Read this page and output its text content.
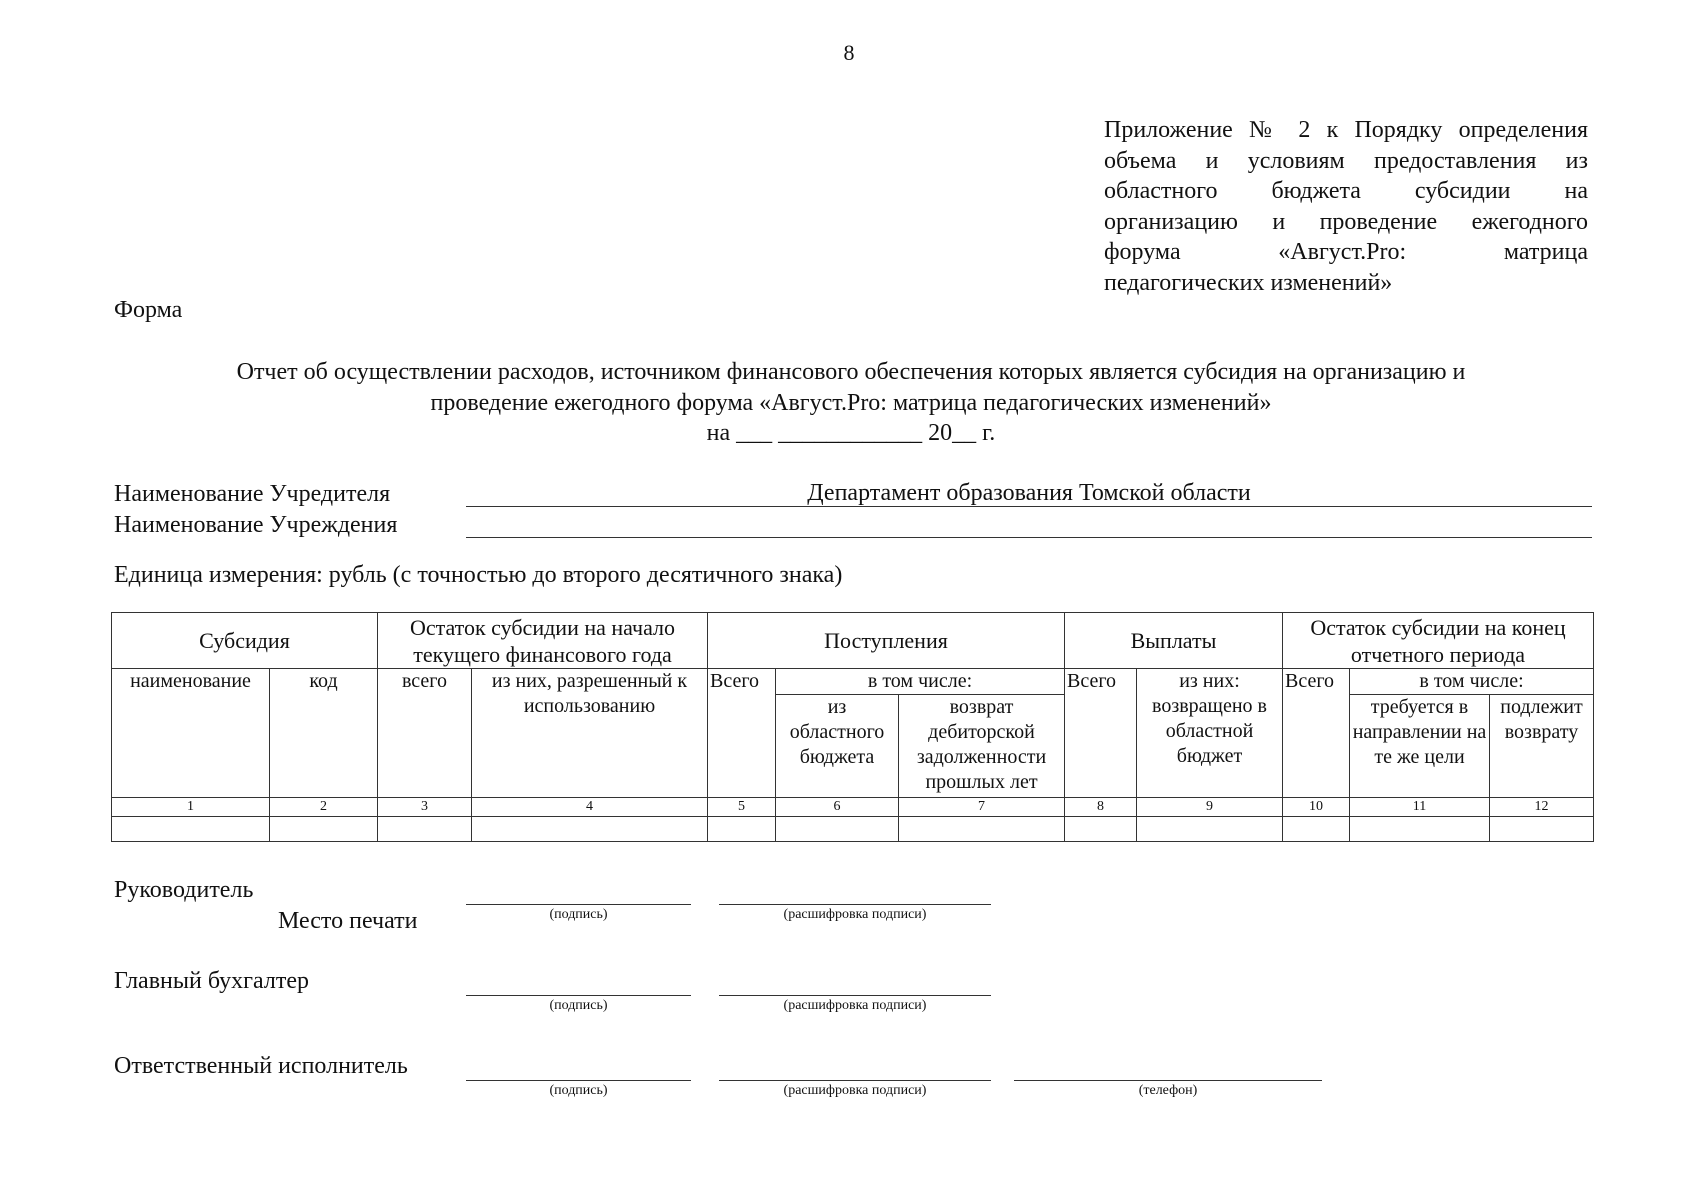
8
Приложение № 2 к Порядку определения
объема и условиям предоставления из
областного бюджета субсидии на
организацию и проведение ежегодного
форума «Август.Pro: матрица
педагогических изменений»
Форма
Отчет об осуществлении расходов, источником финансового обеспечения которых является субсидия на организацию и
проведение ежегодного форума «Август.Pro: матрица педагогических изменений»
на ___ ____________ 20__ г.
Наименование Учредителя	Департамент образования Томской области
Наименование Учреждения
Единица измерения: рубль (с точностью до второго десятичного знака)
Субсидия		Остаток субсидии на начало текущего финансового года		Поступления			Выплаты		Остаток субсидии на конец отчетного периода		
наименование	код	всего	из них, разрешенный к использованию	Всего	в том числе:		Всего	из них: возвращено в областной бюджет	Всего	в том числе:	
					из областного бюджета	возврат дебиторской задолженности прошлых лет				требуется в направлении на те же цели	подлежит возврату
1	2	3	4	5	6	7	8	9	10	11	12

Руководитель
Место печати	(подпись)	(расшифровка подписи)
Главный бухгалтер
(подпись)	(расшифровка подписи)
Ответственный исполнитель
(подпись)	(расшифровка подписи)	(телефон)
